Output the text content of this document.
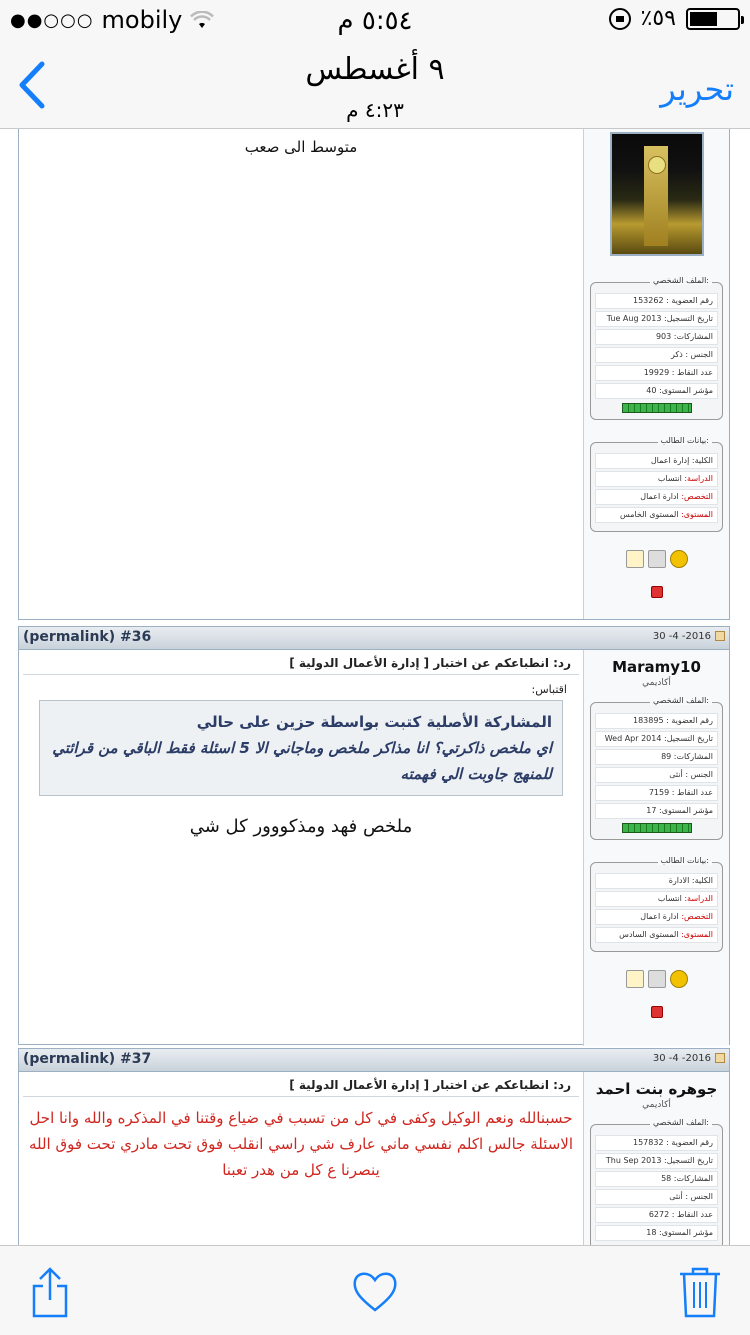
●●○○○ mobily	٥:٥٤ م	٪٥٩
٩ أغسطس
٤:٢٣ م
تحرير
متوسط الى صعب
الملف الشخصي:
رقم العضوية : 153262
تاريخ التسجيل: Tue Aug 2013
المشاركات: 903
الجنس : ذكر
عدد النقاط : 19929
مؤشر المستوى: 40
بيانات الطالب:
الكلية: إدارة اعمال
الدراسة: انتساب
التخصص: ادارة اعمال
المستوى: المستوى الخامس
(permalink) #36	30 -4 -2016
رد: انطباعكم عن اختبار [ إدارة الأعمال الدولية ]
اقتباس:
المشاركة الأصلية كتبت بواسطة حزين على حالي
اي ملخص ذاكرتي؟ انا مذاكر ملخص وماجاني الا 5 اسئلة فقط الباقي من قرائتي للمنهج جاوبت الي فهمته
ملخص فهد ومذكووور كل شي
Maramy10
أكاديمي
الملف الشخصي:
رقم العضوية : 183895
تاريخ التسجيل: Wed Apr 2014
المشاركات: 89
الجنس : أنثى
عدد النقاط : 7159
مؤشر المستوى: 17
بيانات الطالب:
الكلية: الادارة
الدراسة: انتساب
التخصص: ادارة اعمال
المستوى: المستوى السادس
(permalink) #37	30 -4 -2016
رد: انطباعكم عن اختبار [ إدارة الأعمال الدولية ]
حسبنالله ونعم الوكيل وكفى في كل من تسبب في ضياع وقتنا في المذكره والله وانا احل الاسئلة جالس اكلم نفسي ماني عارف شي راسي انقلب فوق تحت مادري تحت فوق الله ينصرنا ع كل من هدر تعبنا
جوهره بنت احمد
أكاديمي
الملف الشخصي:
رقم العضوية : 157832
تاريخ التسجيل: Thu Sep 2013
المشاركات: 58
الجنس : أنثى
عدد النقاط : 6272
مؤشر المستوى: 18
